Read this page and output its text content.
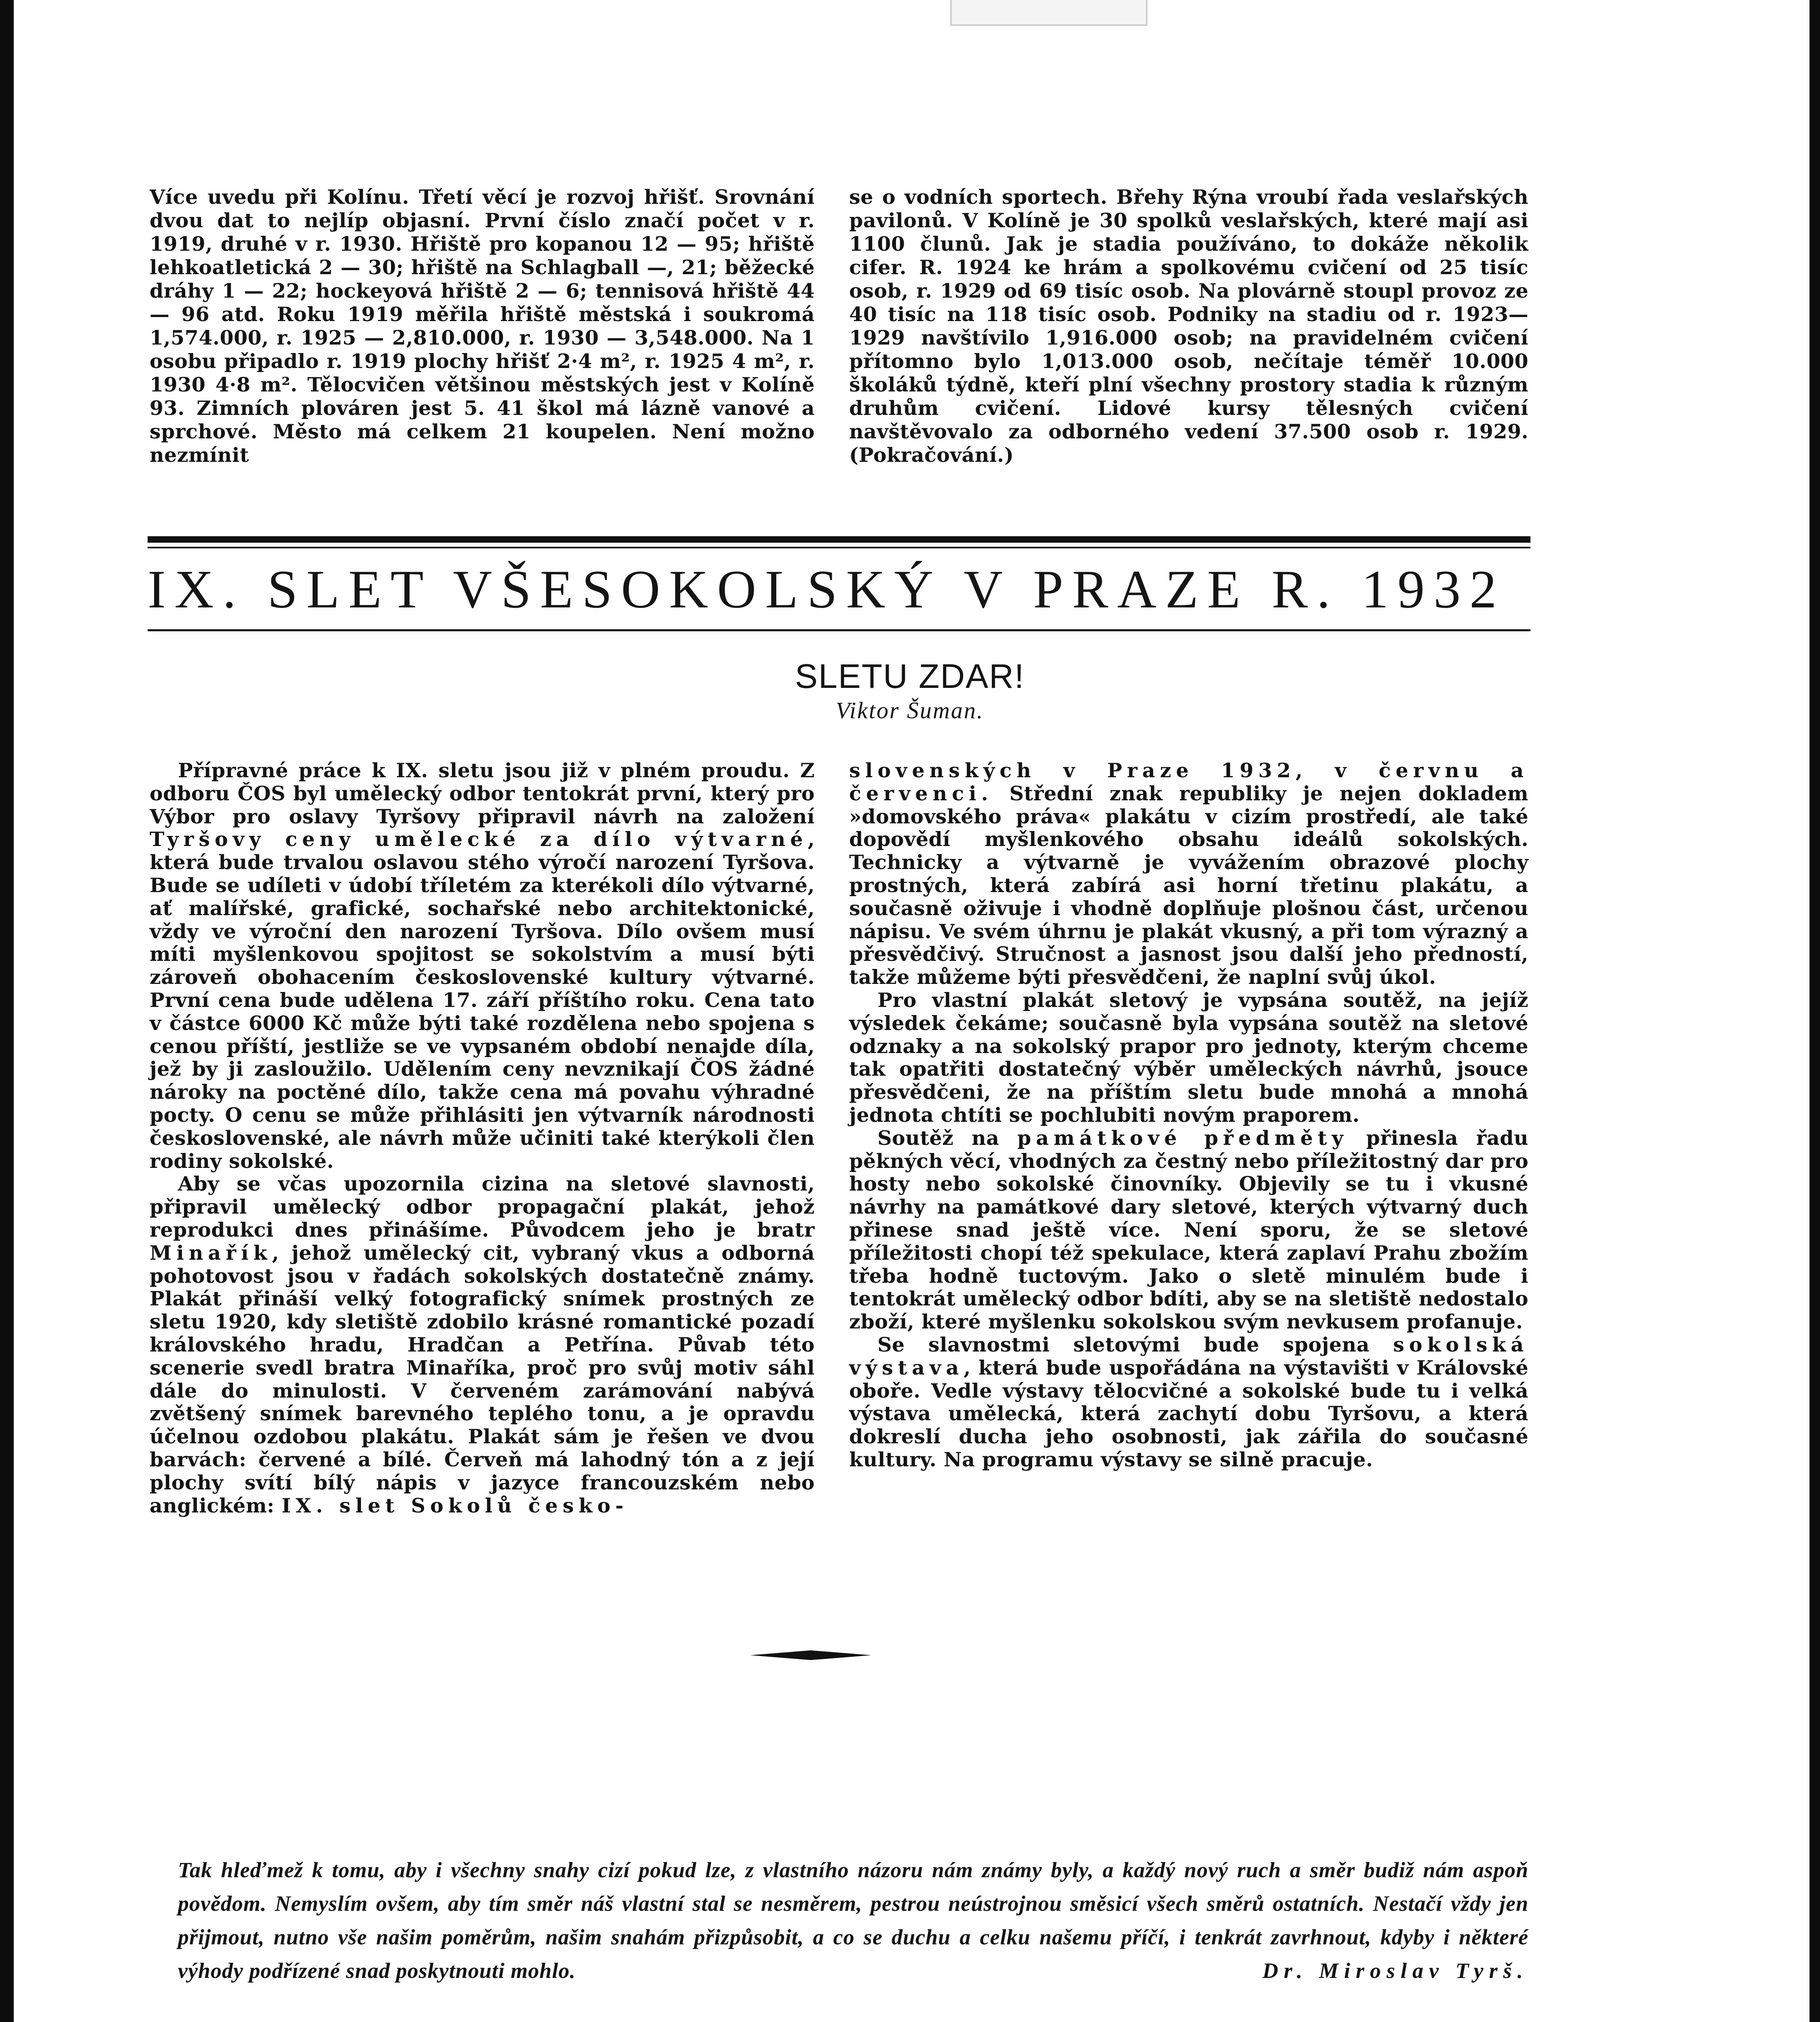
Více uvedu při Kolínu. Třetí věcí je rozvoj hřišť. Srovnání dvou dat to nejlíp objasní. První číslo značí počet v r. 1919, druhé v r. 1930. Hřiště pro kopanou 12 — 95; hřiště lehkoatletická 2 — 30; hřiště na Schlagball —, 21; běžecké dráhy 1 — 22; hockeyová hřiště 2 — 6; tennisová hřiště 44 — 96 atd. Roku 1919 měřila hřiště městská i soukromá 1,574.000, r. 1925 — 2,810.000, r. 1930 — 3,548.000. Na 1 osobu připadlo r. 1919 plochy hřišť 2·4 m², r. 1925 4 m², r. 1930 4·8 m². Tělocvičen většinou městských jest v Kolíně 93. Zimních plováren jest 5. 41 škol má lázně vanové a sprchové. Město má celkem 21 koupelen. Není možno nezmínit

se o vodních sportech. Břehy Rýna vroubí řada veslařských pavilonů. V Kolíně je 30 spolků veslařských, které mají asi 1100 člunů. Jak je stadia používáno, to dokáže několik cifer. R. 1924 ke hrám a spolkovému cvičení od 25 tisíc osob, r. 1929 od 69 tisíc osob. Na plovárně stoupl provoz ze 40 tisíc na 118 tisíc osob. Podniky na stadiu od r. 1923—1929 navštívilo 1,916.000 osob; na pravidelném cvičení přítomno bylo 1,013.000 osob, nečítaje téměř 10.000 školáků týdně, kteří plní všechny prostory stadia k různým druhům cvičení. Lidové kursy tělesných cvičení navštěvovalo za odborného vedení 37.500 osob r. 1929. (Pokračování.)

IX. SLET VŠESOKOLSKÝ V PRAZE R. 1932
SLETU ZDAR!

Viktor Šuman.

Přípravné práce k IX. sletu jsou již v plném proudu. Z odboru ČOS byl umělecký odbor tentokrát první, který pro Výbor pro oslavy Tyršovy připravil návrh na založení Tyršovy ceny umělecké za dílo výtvarné, která bude trvalou oslavou stého výročí narození Tyršova. Bude se udíleti v údobí tříletém za kterékoli dílo výtvarné, ať malířské, grafické, sochařské nebo architektonické, vždy ve výroční den narození Tyršova. Dílo ovšem musí míti myšlenkovou spojitost se sokolstvím a musí býti zároveň obohacením československé kultury výtvarné. První cena bude udělena 17. září příštího roku. Cena tato v částce 6000 Kč může býti také rozdělena nebo spojena s cenou příští, jestliže se ve vypsaném období nenajde díla, jež by ji zasloužilo. Udělením ceny nevznikají ČOS žádné nároky na poctěné dílo, takže cena má povahu výhradné pocty. O cenu se může přihlásiti jen výtvarník národnosti československé, ale návrh může učiniti také kterýkoli člen rodiny sokolské.

Aby se včas upozornila cizina na sletové slavnosti, připravil umělecký odbor propagační plakát, jehož reprodukci dnes přinášíme. Původcem jeho je bratr Minařík, jehož umělecký cit, vybraný vkus a odborná pohotovost jsou v řadách sokolských dostatečně známy. Plakát přináší velký fotografický snímek prostných ze sletu 1920, kdy sletiště zdobilo krásné romantické pozadí královského hradu, Hradčan a Petřína. Půvab této scenerie svedl bratra Minaříka, proč pro svůj motiv sáhl dále do minulosti. V červeném zarámování nabývá zvětšený snímek barevného teplého tonu, a je opravdu účelnou ozdobou plakátu. Plakát sám je řešen ve dvou barvách: červené a bílé. Červeň má lahodný tón a z její plochy svítí bílý nápis v jazyce francouzském nebo anglickém: IX. slet Sokolů česko-

slovenských v Praze 1932, v červnu a červenci. Střední znak republiky je nejen dokladem »domovského práva« plakátu v cizím prostředí, ale také dopovědí myšlenkového obsahu ideálů sokolských. Technicky a výtvarně je vyvážením obrazové plochy prostných, která zabírá asi horní třetinu plakátu, a současně oživuje i vhodně doplňuje plošnou část, určenou nápisu. Ve svém úhrnu je plakát vkusný, a při tom výrazný a přesvědčivý. Stručnost a jasnost jsou další jeho předností, takže můžeme býti přesvědčeni, že naplní svůj úkol.

Pro vlastní plakát sletový je vypsána soutěž, na jejíž výsledek čekáme; současně byla vypsána soutěž na sletové odznaky a na sokolský prapor pro jednoty, kterým chceme tak opatřiti dostatečný výběr uměleckých návrhů, jsouce přesvědčeni, že na příštím sletu bude mnohá a mnohá jednota chtíti se pochlubiti novým praporem.

Soutěž na památkové předměty přinesla řadu pěkných věcí, vhodných za čestný nebo příležitostný dar pro hosty nebo sokolské činovníky. Objevily se tu i vkusné návrhy na památkové dary sletové, kterých výtvarný duch přinese snad ještě více. Není sporu, že se sletové příležitosti chopí též spekulace, která zaplaví Prahu zbožím třeba hodně tuctovým. Jako o sletě minulém bude i tentokrát umělecký odbor bdíti, aby se na sletiště nedostalo zboží, které myšlenku sokolskou svým nevkusem profanuje.

Se slavnostmi sletovými bude spojena sokolská výstava, která bude uspořádána na výstavišti v Královské oboře. Vedle výstavy tělocvičné a sokolské bude tu i velká výstava umělecká, která zachytí dobu Tyršovu, a která dokreslí ducha jeho osobnosti, jak zářila do současné kultury. Na programu výstavy se silně pracuje.

Tak hleďmež k tomu, aby i všechny snahy cizí pokud lze, z vlastního názoru nám známy byly, a každý nový ruch a směr budiž nám aspoň povědom. Nemyslím ovšem, aby tím směr náš vlastní stal se nesměrem, pestrou neústrojnou směsicí všech směrů ostatních. Nestačí vždy jen přijmout, nutno vše našim poměrům, našim snahám přizpůsobit, a co se duchu a celku našemu příčí, i tenkrát zavrhnout, kdyby i některé výhody podřízené snad poskytnouti mohlo.	Dr. Miroslav Tyrš.
